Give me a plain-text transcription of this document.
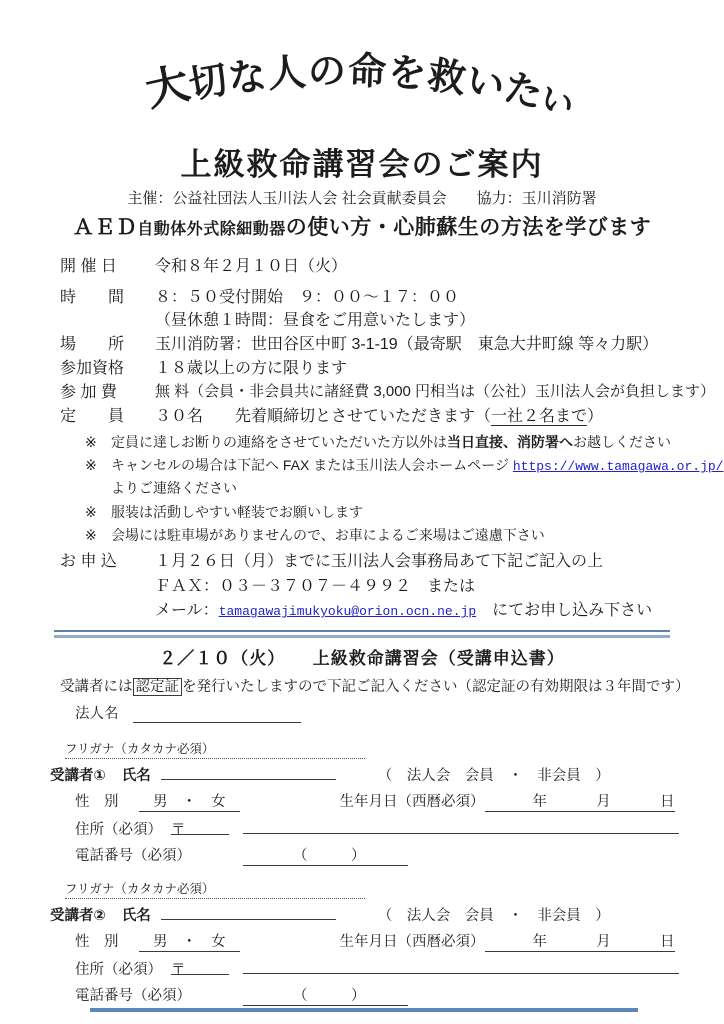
大切な人の命を救いたい
上級救命講習会のご案内
主催：公益社団法人玉川法人会 社会貢献委員会　　協力：玉川消防署
ＡＥＤ自動体外式除細動器の使い方・心肺蘇生の方法を学びます
開 催 日	令和８年２月１０日（火）
時　　間	８：５０受付開始　９：００～１７：００
（昼休憩１時間：昼食をご用意いたします）
場　　所	玉川消防署：世田谷区中町 3-1-19（最寄駅　東急大井町線 等々力駅）
参加資格	１８歳以上の方に限ります
参 加 費	無 料（会員・非会員共に諸経費 3,000 円相当は（公社）玉川法人会が負担します）
定　　員	３０名　　先着順締切とさせていただきます（一社２名まで）
※	定員に達しお断りの連絡をさせていただいた方以外は当日直接、消防署へお越しください
※	キャンセルの場合は下記へ FAX または玉川法人会ホームページ https://www.tamagawa.or.jp/
よりご連絡ください
※	服装は活動しやすい軽装でお願いします
※	会場には駐車場がありませんので、お車によるご来場はご遠慮下さい
お 申 込	１月２６日（月）までに玉川法人会事務局あて下記ご記入の上
ＦＡＸ：０３－３７０７－４９９２　または
メール：tamagawajimukyoku@orion.ocn.ne.jp　にてお申し込み下さい
２／１０（火）　　上級救命講習会（受講申込書）
受講者には 認定証 を発行いたしますので下記ご記入ください（認定証の有効期限は３年間です）
法人名
フリガナ（カタカナ必須）
受講者① 氏名	（　法人会　会員　・　非会員　）
性　別	男　・　女	生年月日（西暦必須）	年	月	日
住所（必須） 〒
電話番号（必須）	（　　　）
フリガナ（カタカナ必須）
受講者② 氏名	（　法人会　会員　・　非会員　）
性　別	男　・　女	生年月日（西暦必須）	年	月	日
住所（必須） 〒
電話番号（必須）	（　　　）
